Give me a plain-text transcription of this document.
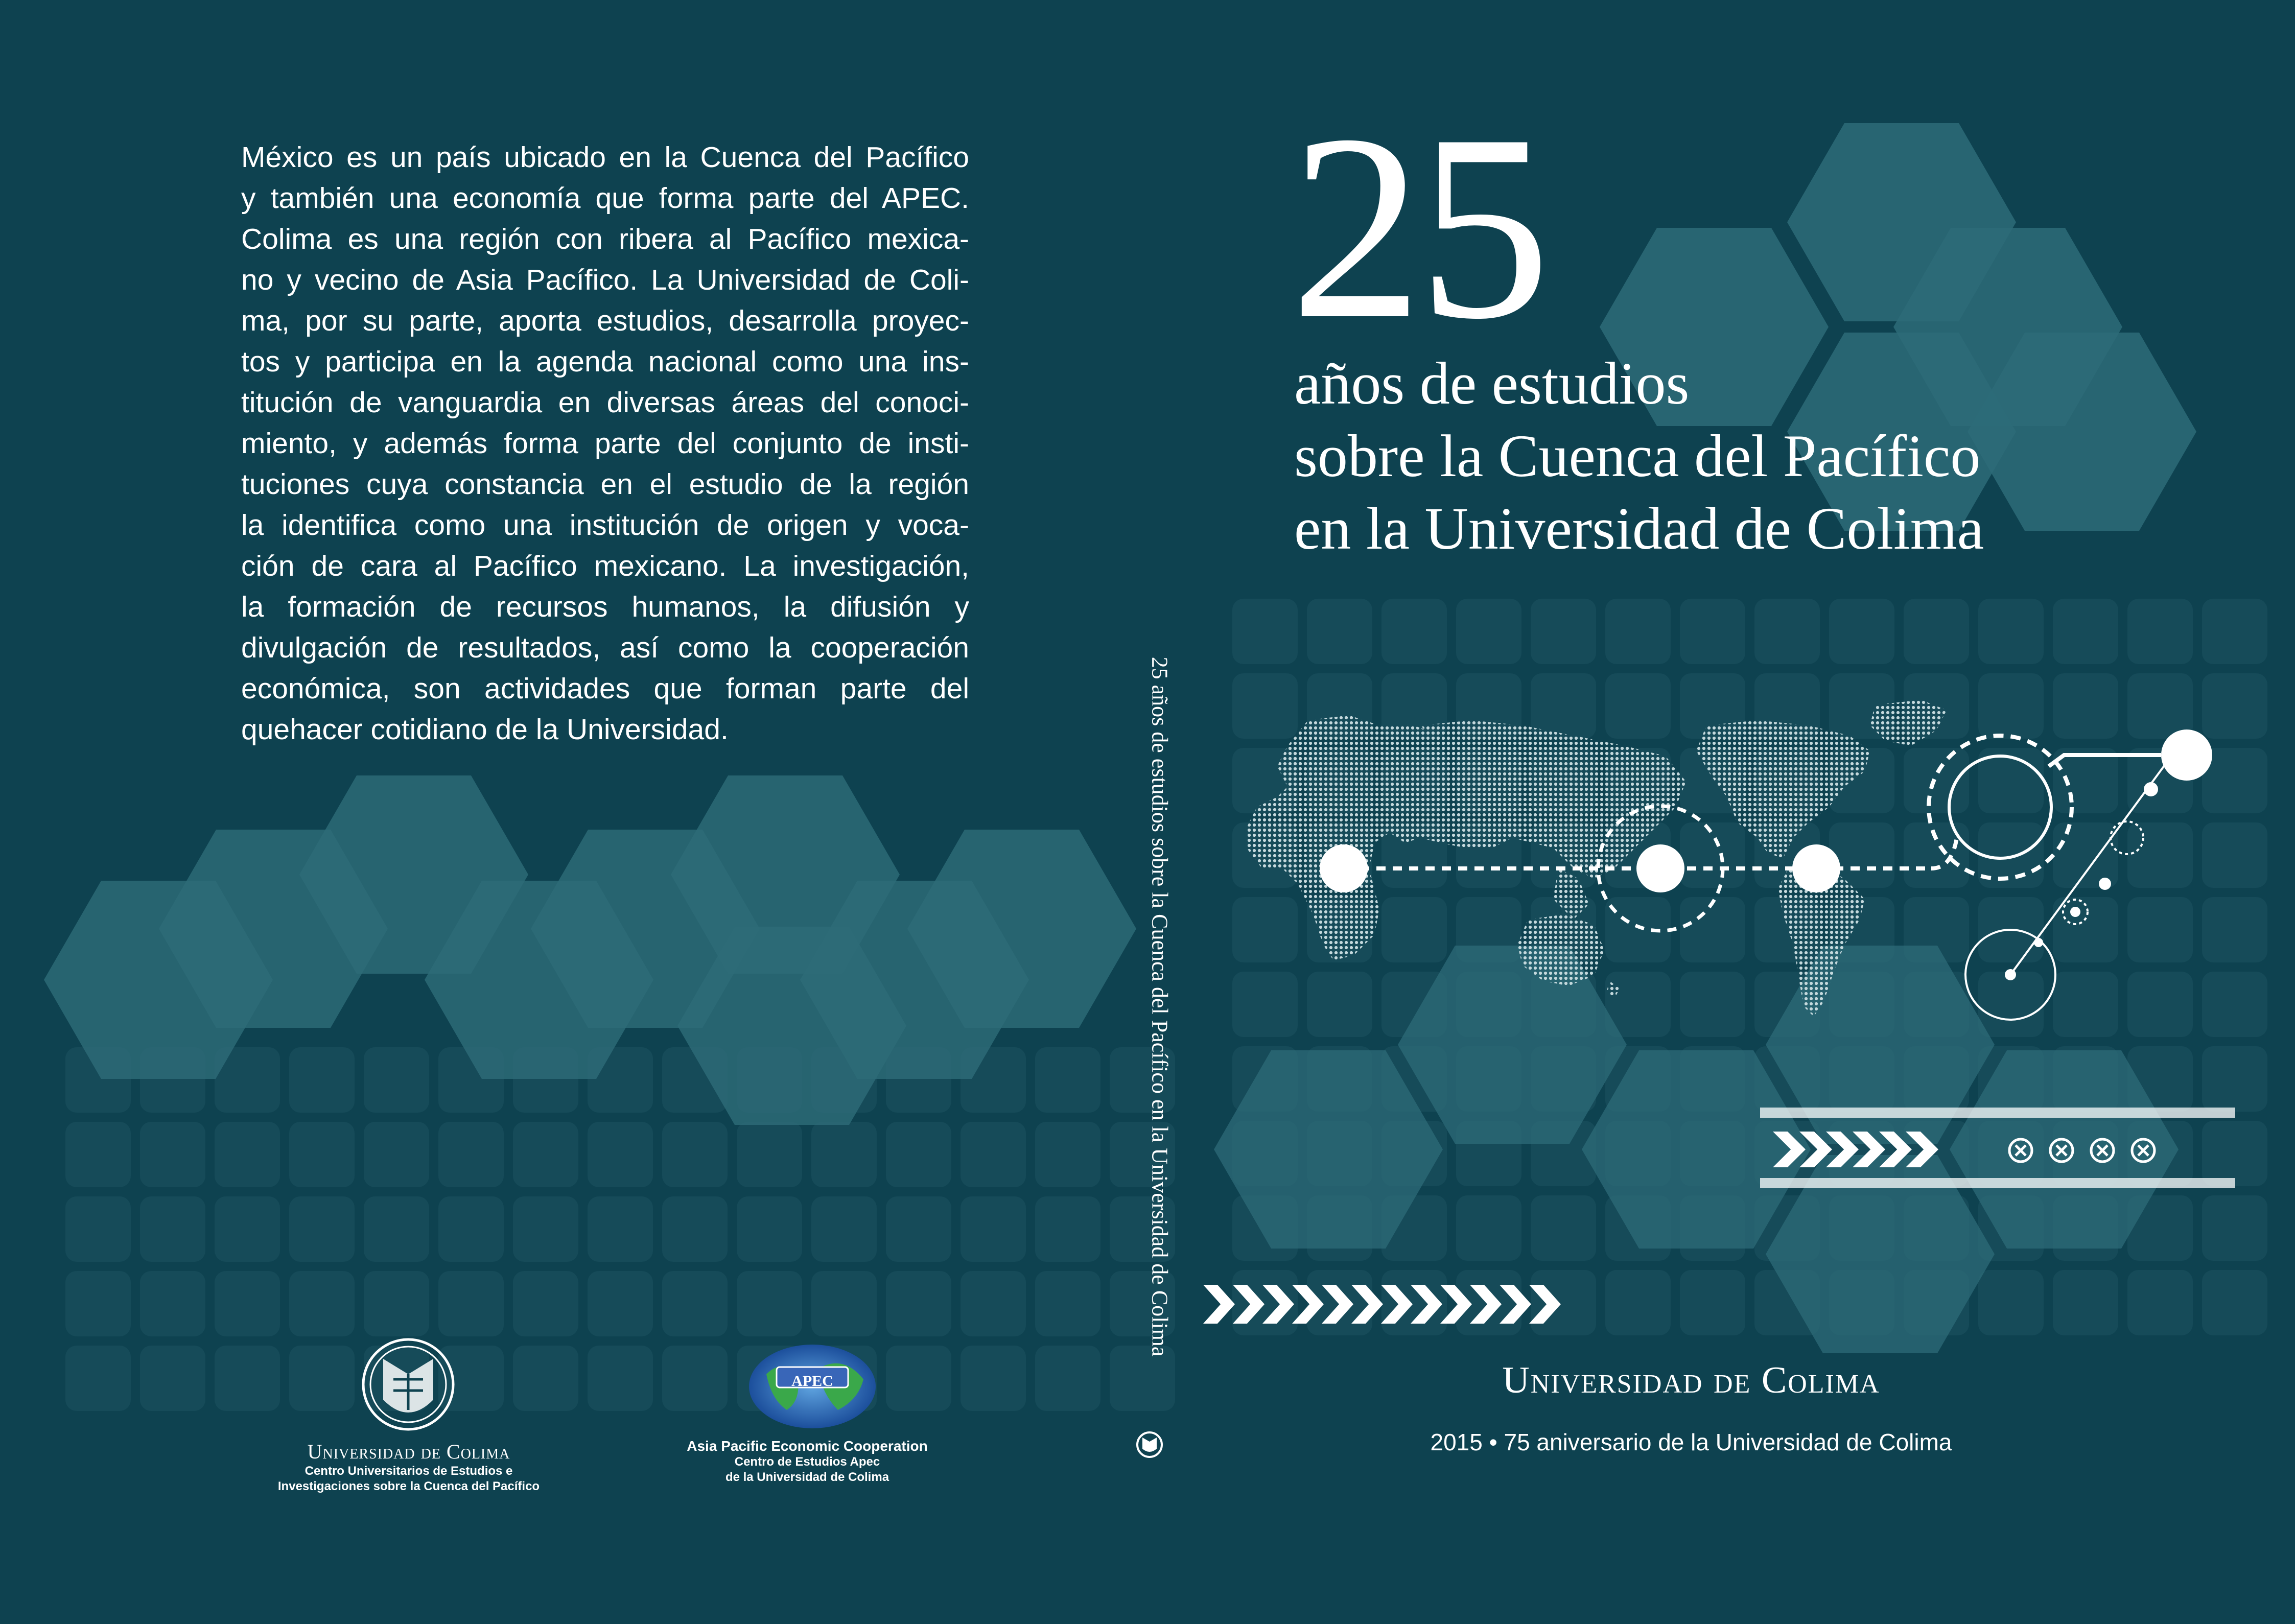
México es un país ubicado en la Cuenca del Pacífico
y también una economía que forma parte del APEC.
Colima es una región con ribera al Pacífico mexica-
no y vecino de Asia Pacífico. La Universidad de Coli-
ma, por su parte, aporta estudios, desarrolla proyec-
tos y participa en la agenda nacional como una ins-
titución de vanguardia en diversas áreas del conoci-
miento, y además forma parte del conjunto de insti-
tuciones cuya constancia en el estudio de la región
la identifica como una institución de origen y voca-
ción de cara al Pacífico mexicano. La investigación,
la formación de recursos humanos, la difusión y
divulgación de resultados, así como la cooperación
económica, son actividades que forman parte del
quehacer cotidiano de la Universidad.
Universidad de Colima
Centro Universitarios de Estudios e
Investigaciones sobre la Cuenca del Pacífico
APEC
Asia Pacific Economic Cooperation
Centro de Estudios Apec
de la Universidad de Colima
25 años de estudios sobre la Cuenca del Pacífico en la Universidad de Colima
25
años de estudios
sobre la Cuenca del Pacífico
en la Universidad de Colima
Universidad de Colima
2015 • 75 aniversario de la Universidad de Colima
